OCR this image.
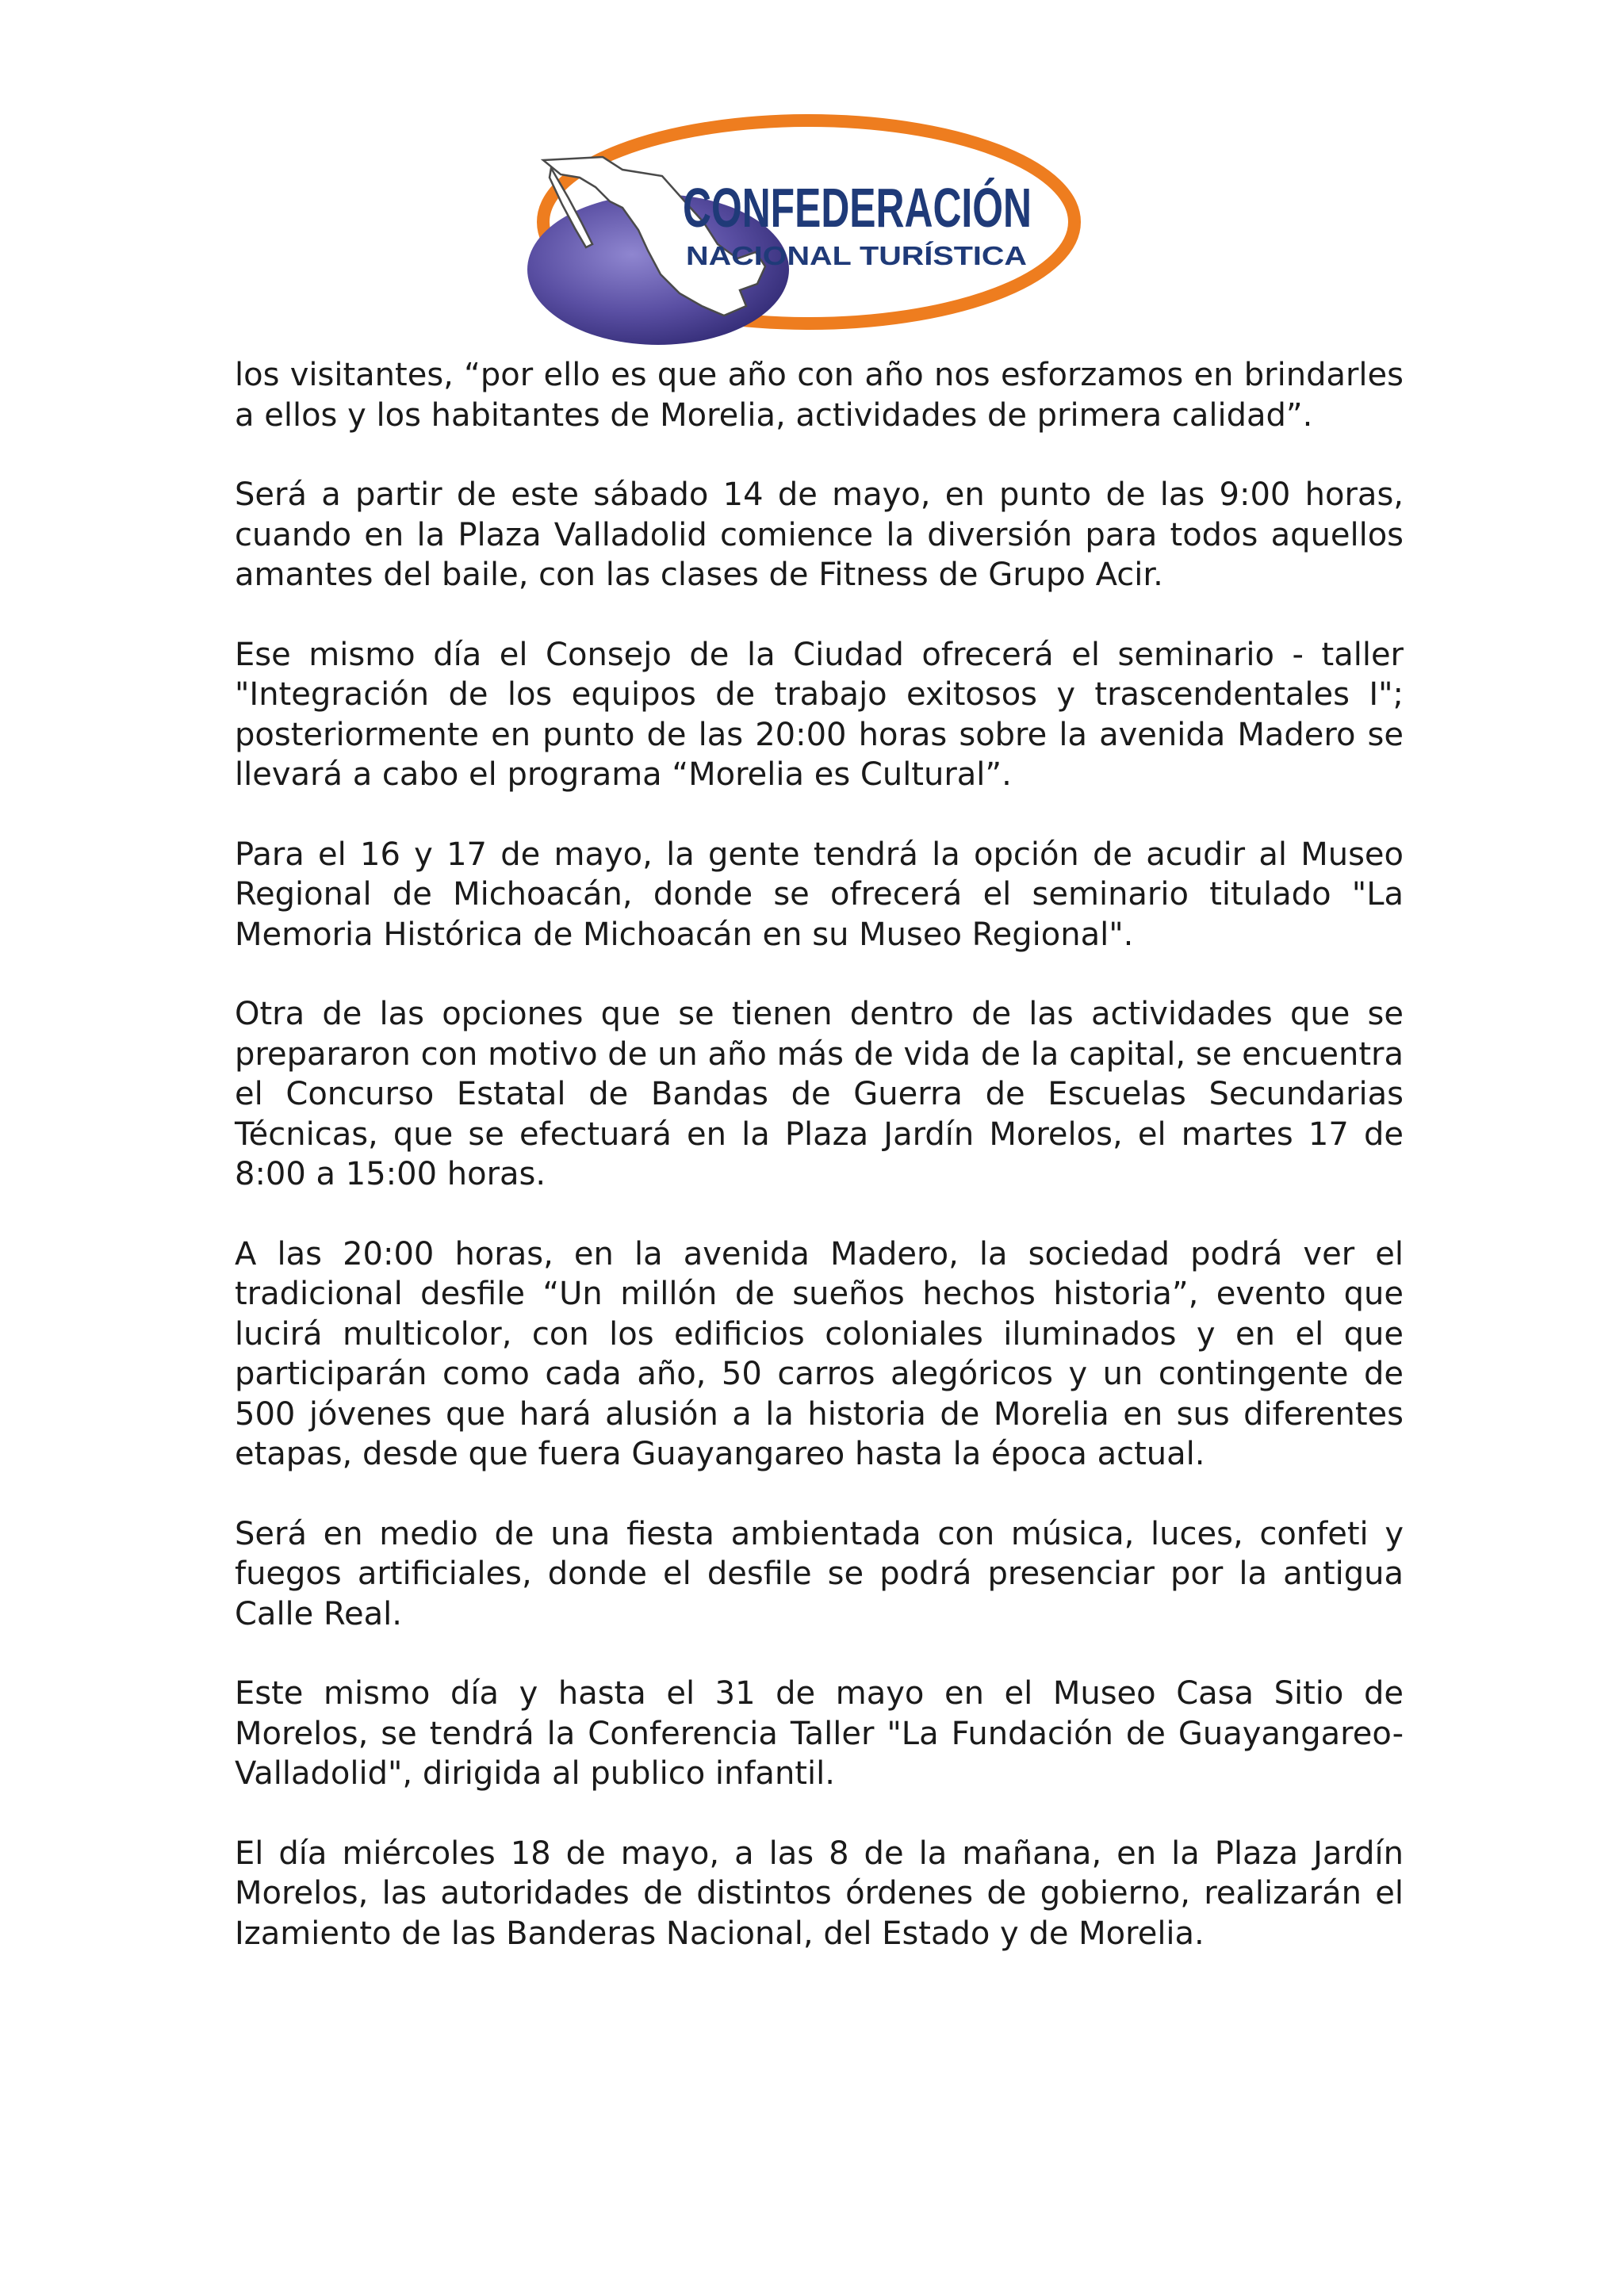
CONFEDERACIÓN
NACIONAL TURÍSTICA

los visitantes, “por ello es que año con año nos esforzamos en brindarles a ellos y los habitantes de Morelia, actividades de primera calidad”.

Será a partir de este sábado 14 de mayo, en punto de las 9:00 horas, cuando en la Plaza Valladolid comience la diversión para todos aquellos amantes del baile, con las clases de Fitness de Grupo Acir.

Ese mismo día el Consejo de la Ciudad ofrecerá el seminario - taller "Integración de los equipos de trabajo exitosos y trascendentales I"; posteriormente en punto de las 20:00 horas sobre la avenida Madero se llevará a cabo el programa “Morelia es Cultural”.

Para el 16 y 17 de mayo, la gente tendrá la opción de acudir al Museo Regional de Michoacán, donde se ofrecerá el seminario titulado "La Memoria Histórica de Michoacán en su Museo Regional".

Otra de las opciones que se tienen dentro de las actividades que se prepararon con motivo de un año más de vida de la capital, se encuentra el Concurso Estatal de Bandas de Guerra de Escuelas Secundarias Técnicas, que se efectuará en la Plaza Jardín Morelos, el martes 17 de 8:00 a 15:00 horas.

A las 20:00 horas, en la avenida Madero, la sociedad podrá ver el tradicional desfile “Un millón de sueños hechos historia”, evento que lucirá multicolor, con los edificios coloniales iluminados y en el que participarán como cada año, 50 carros alegóricos y un contingente de 500 jóvenes que hará alusión a la historia de Morelia en sus diferentes etapas, desde que fuera Guayangareo hasta la época actual.

Será en medio de una fiesta ambientada con música, luces, confeti y fuegos artificiales, donde el desfile se podrá presenciar por la antigua Calle Real.

Este mismo día y hasta el 31 de mayo en el Museo Casa Sitio de Morelos, se tendrá la Conferencia Taller "La Fundación de Guayangareo-Valladolid", dirigida al publico infantil.

El día miércoles 18 de mayo, a las 8 de la mañana, en la Plaza Jardín Morelos, las autoridades de distintos órdenes de gobierno, realizarán el Izamiento de las Banderas Nacional, del Estado y de Morelia.
